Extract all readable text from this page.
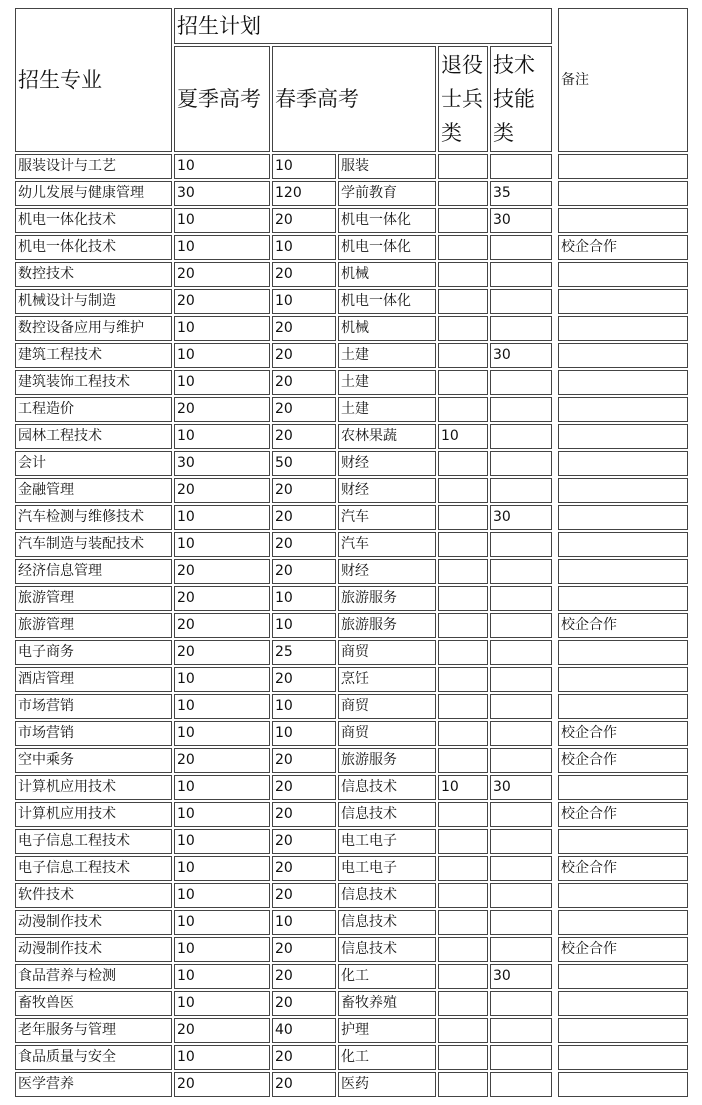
招生专业	招生计划						备注
	夏季高考	春季高考		退役士兵类	技术技能类		
服装设计与工艺	10	10	服装				
幼儿发展与健康管理	30	120	学前教育		35		
机电一体化技术	10	20	机电一体化		30		
机电一体化技术	10	10	机电一体化				校企合作
数控技术	20	20	机械				
机械设计与制造	20	10	机电一体化				
数控设备应用与维护	10	20	机械				
建筑工程技术	10	20	土建		30		
建筑装饰工程技术	10	20	土建				
工程造价	20	20	土建				
园林工程技术	10	20	农林果蔬	10			
会计	30	50	财经				
金融管理	20	20	财经				
汽车检测与维修技术	10	20	汽车		30		
汽车制造与装配技术	10	20	汽车				
经济信息管理	20	20	财经				
旅游管理	20	10	旅游服务				
旅游管理	20	10	旅游服务				校企合作
电子商务	20	25	商贸				
酒店管理	10	20	烹饪				
市场营销	10	10	商贸				
市场营销	10	10	商贸				校企合作
空中乘务	20	20	旅游服务				校企合作
计算机应用技术	10	20	信息技术	10	30		
计算机应用技术	10	20	信息技术				校企合作
电子信息工程技术	10	20	电工电子				
电子信息工程技术	10	20	电工电子				校企合作
软件技术	10	20	信息技术				
动漫制作技术	10	10	信息技术				
动漫制作技术	10	20	信息技术				校企合作
食品营养与检测	10	20	化工		30		
畜牧兽医	10	20	畜牧养殖				
老年服务与管理	20	40	护理				
食品质量与安全	10	20	化工				
医学营养	20	20	医药				
